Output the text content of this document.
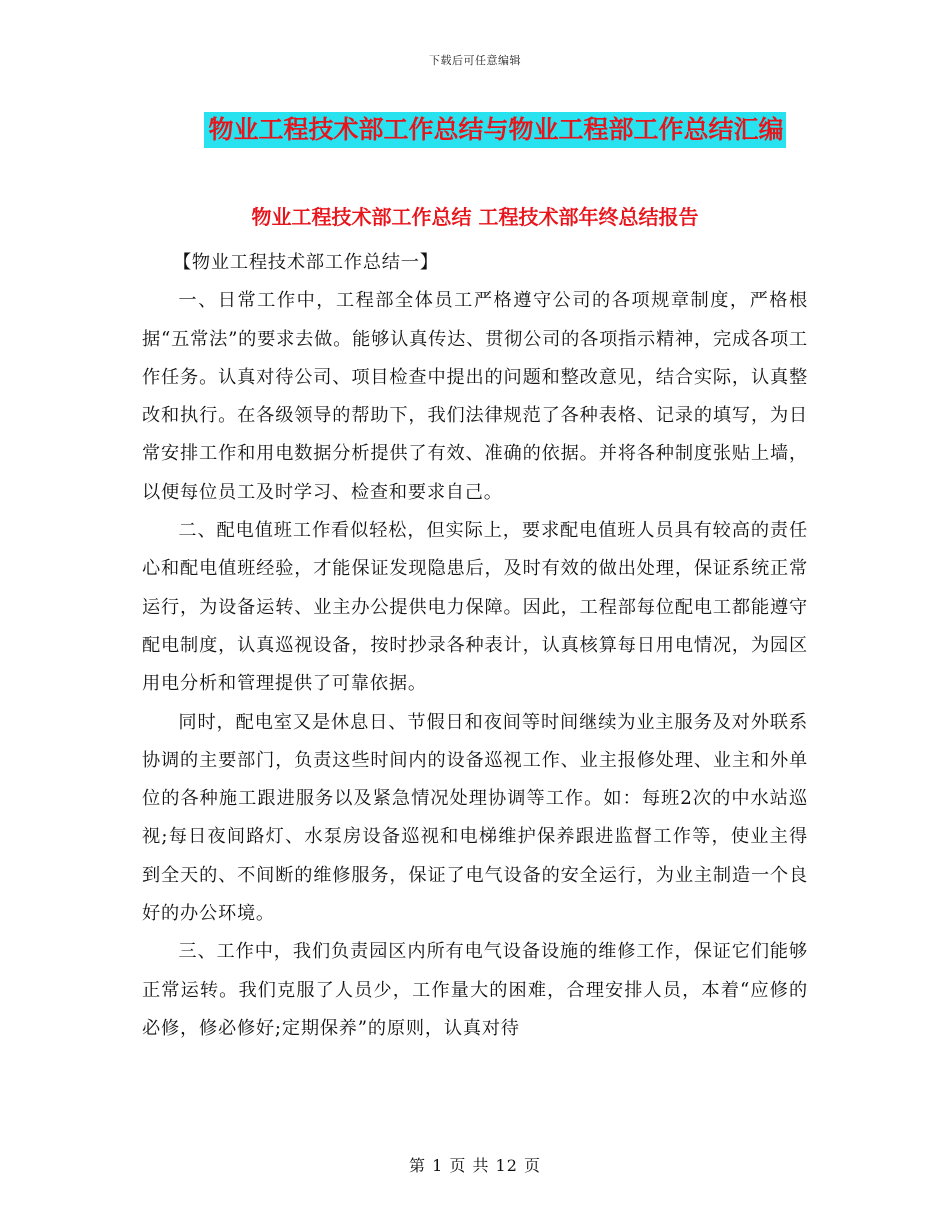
下载后可任意编辑
物业工程技术部工作总结与物业工程部工作总结汇编
物业工程技术部工作总结 工程技术部年终总结报告

【物业工程技术部工作总结一】

一、日常工作中，工程部全体员工严格遵守公司的各项规章制度，严格根据“五常法”的要求去做。能够认真传达、贯彻公司的各项指示精神，完成各项工作任务。认真对待公司、项目检查中提出的问题和整改意见，结合实际，认真整改和执行。在各级领导的帮助下，我们法律规范了各种表格、记录的填写，为日常安排工作和用电数据分析提供了有效、准确的依据。并将各种制度张贴上墙，以便每位员工及时学习、检查和要求自己。

二、配电值班工作看似轻松，但实际上，要求配电值班人员具有较高的责任心和配电值班经验，才能保证发现隐患后，及时有效的做出处理，保证系统正常运行，为设备运转、业主办公提供电力保障。因此，工程部每位配电工都能遵守配电制度，认真巡视设备，按时抄录各种表计，认真核算每日用电情况，为园区用电分析和管理提供了可靠依据。

同时，配电室又是休息日、节假日和夜间等时间继续为业主服务及对外联系协调的主要部门，负责这些时间内的设备巡视工作、业主报修处理、业主和外单位的各种施工跟进服务以及紧急情况处理协调等工作。如：每班2次的中水站巡视;每日夜间路灯、水泵房设备巡视和电梯维护保养跟进监督工作等，使业主得到全天的、不间断的维修服务，保证了电气设备的安全运行，为业主制造一个良好的办公环境。

三、工作中，我们负责园区内所有电气设备设施的维修工作，保证它们能够正常运转。我们克服了人员少，工作量大的困难，合理安排人员，本着“应修的必修，修必修好;定期保养”的原则，认真对待

第 1 页 共 12 页
